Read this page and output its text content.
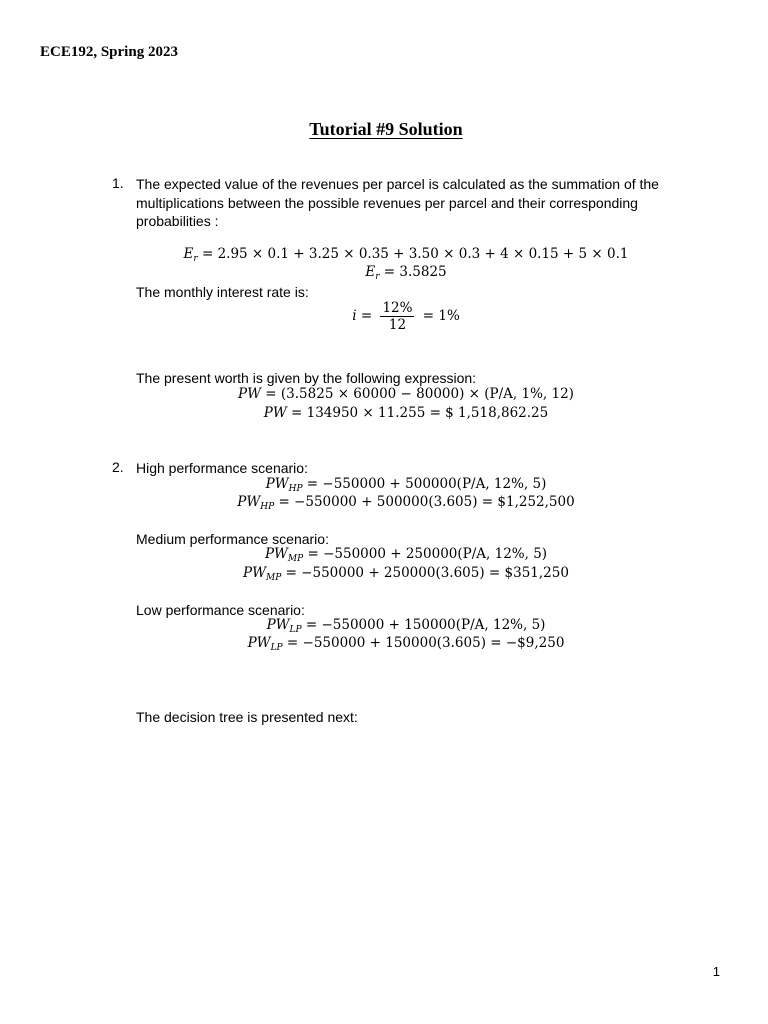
ECE192, Spring 2023
Tutorial #9 Solution
1. The expected value of the revenues per parcel is calculated as the summation of the multiplications between the possible revenues per parcel and their corresponding probabilities :
$E_r = 2.95 \times 0.1 + 3.25 \times 0.35 + 3.50 \times 0.3 + 4 \times 0.15 + 5 \times 0.1$
$E_r = 3.5825$
The monthly interest rate is:
$i = \frac{12\%}{12} = 1\%$
The present worth is given by the following expression:
PW = (3.5825 × 60000 − 80000) × (P/A, 1%, 12)
PW = 134950 × 11.255 = $ 1,518,862.25
2. High performance scenario:
$PW_{HP} = -550000 + 500000(P/A$, 12%, 5)
$PW_{HP} = -550000 + 500000(3.605)$ = $1,252,500
Medium performance scenario:
$PW_{MP} = -550000 + 250000(P/A$, 12%, 5)
$PW_{MP} = -550000 + 250000(3.605)$ = $351,250
Low performance scenario:
$PW_{LP} = -550000 + 150000(P/A$, 12%, 5)
$PW_{LP} = -550000 + 150000(3.605)$ = −$9,250
The decision tree is presented next:
1
